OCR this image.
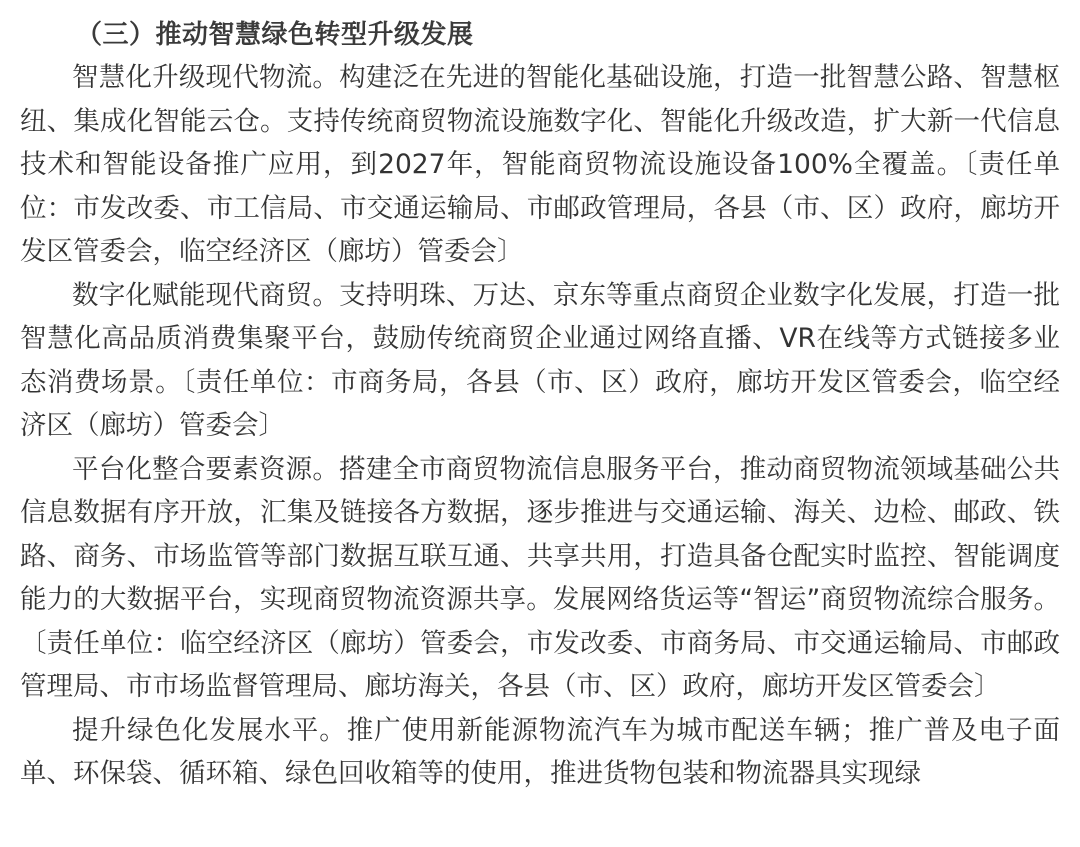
（三）推动智慧绿色转型升级发展

智慧化升级现代物流。构建泛在先进的智能化基础设施，打造一批智慧公路、智慧枢纽、集成化智能云仓。支持传统商贸物流设施数字化、智能化升级改造，扩大新一代信息技术和智能设备推广应用，到2027年，智能商贸物流设施设备100%全覆盖。〔责任单位：市发改委、市工信局、市交通运输局、市邮政管理局，各县（市、区）政府，廊坊开发区管委会，临空经济区（廊坊）管委会〕

数字化赋能现代商贸。支持明珠、万达、京东等重点商贸企业数字化发展，打造一批智慧化高品质消费集聚平台，鼓励传统商贸企业通过网络直播、VR在线等方式链接多业态消费场景。〔责任单位：市商务局，各县（市、区）政府，廊坊开发区管委会，临空经济区（廊坊）管委会〕

平台化整合要素资源。搭建全市商贸物流信息服务平台，推动商贸物流领域基础公共信息数据有序开放，汇集及链接各方数据，逐步推进与交通运输、海关、边检、邮政、铁路、商务、市场监管等部门数据互联互通、共享共用，打造具备仓配实时监控、智能调度能力的大数据平台，实现商贸物流资源共享。发展网络货运等“智运”商贸物流综合服务。〔责任单位：临空经济区（廊坊）管委会，市发改委、市商务局、市交通运输局、市邮政管理局、市市场监督管理局、廊坊海关，各县（市、区）政府，廊坊开发区管委会〕

提升绿色化发展水平。推广使用新能源物流汽车为城市配送车辆；推广普及电子面单、环保袋、循环箱、绿色回收箱等的使用，推进货物包装和物流器具实现绿
